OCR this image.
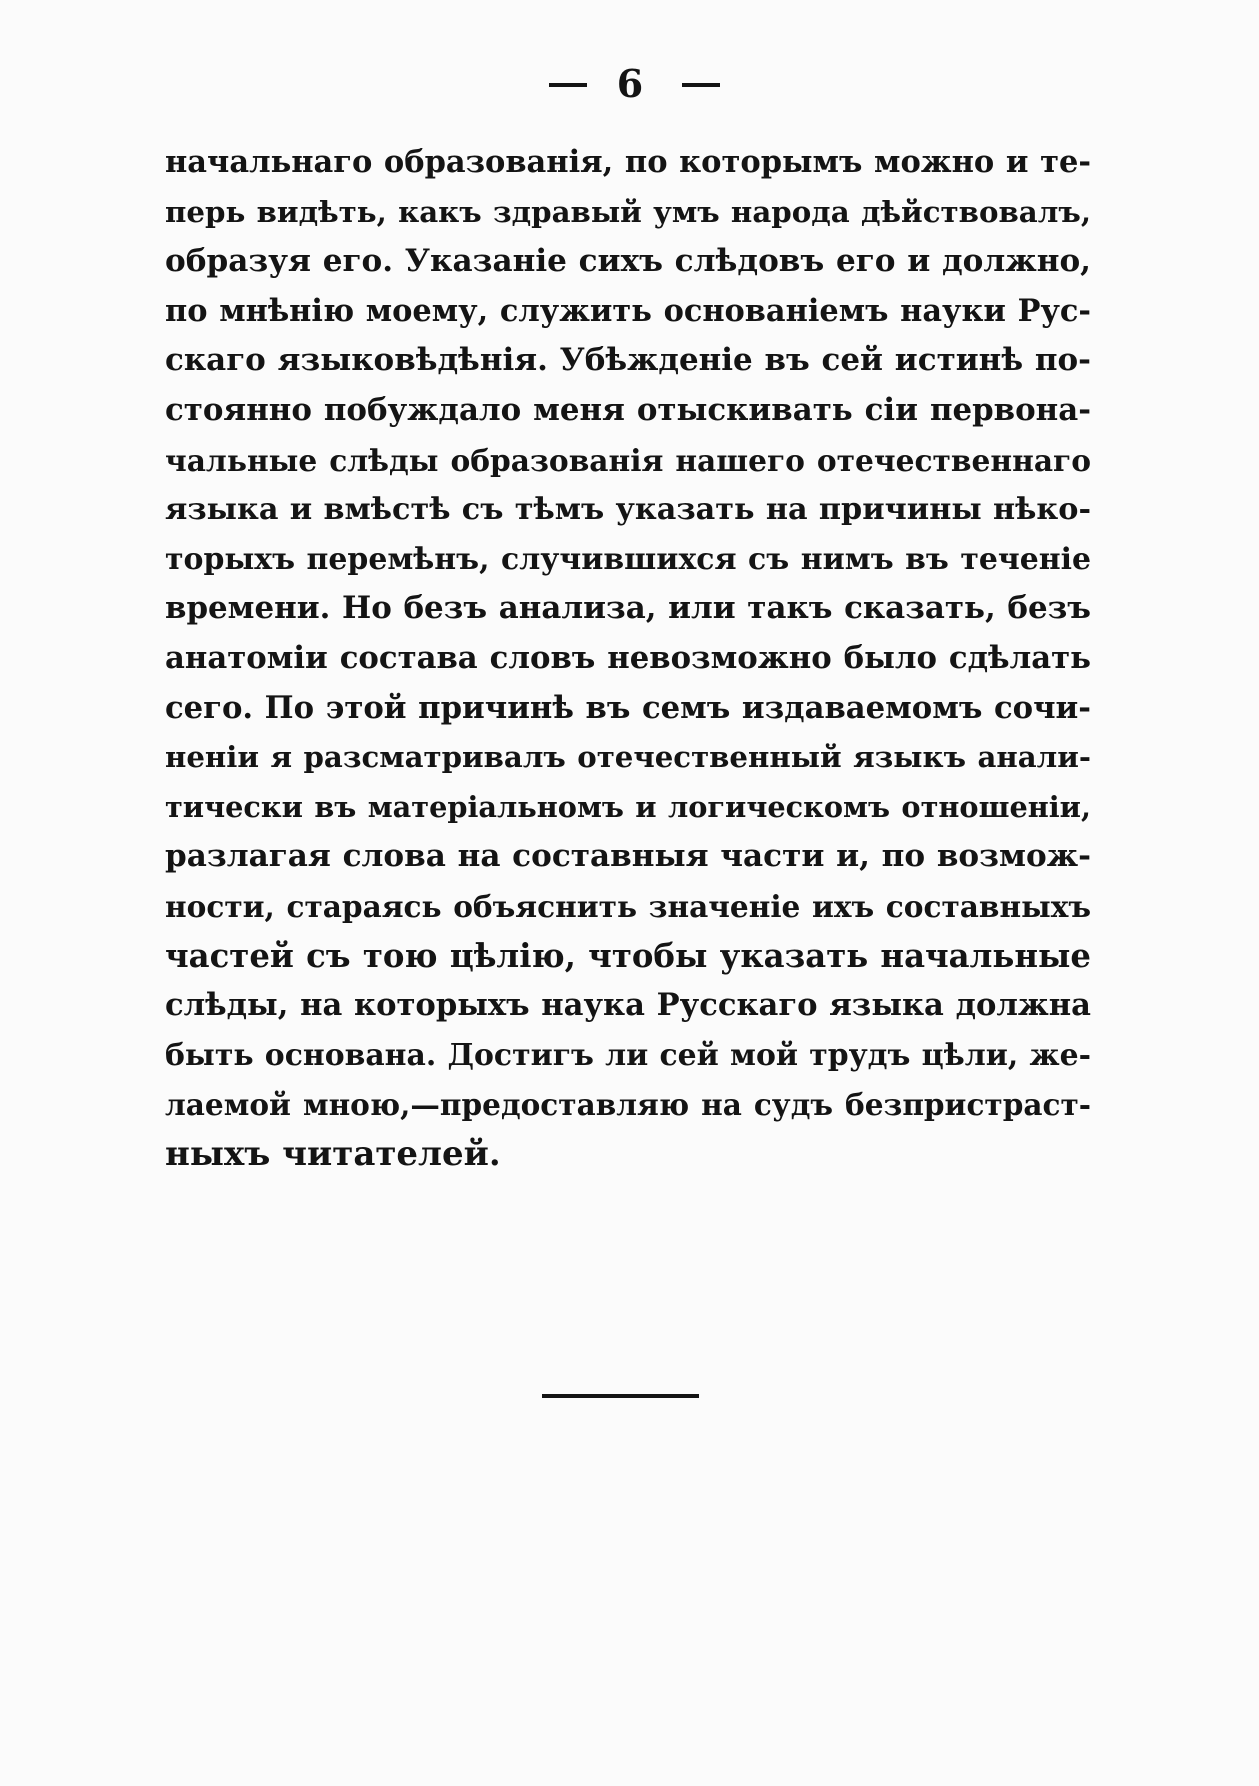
6
начальнаго образованія, по которымъ можно и те-
перь видѣть, какъ здравый умъ народа дѣйствовалъ,
образуя его. Указаніе сихъ слѣдовъ его и должно,
по мнѣнію моему, служить основаніемъ науки Рус-
скаго языковѣдѣнія. Убѣжденіе въ сей истинѣ по-
стоянно побуждало меня отыскивать сіи первона-
чальные слѣды образованія нашего отечественнаго
языка и вмѣстѣ съ тѣмъ указать на причины нѣко-
торыхъ перемѣнъ, случившихся съ нимъ въ теченіе
времени. Но безъ анализа, или такъ сказать, безъ
анатоміи состава словъ невозможно было сдѣлать
сего. По этой причинѣ въ семъ издаваемомъ сочи-
неніи я разсматривалъ отечественный языкъ анали-
тически въ матеріальномъ и логическомъ отношеніи,
разлагая слова на составныя части и, по возмож-
ности, стараясь объяснить значеніе ихъ составныхъ
частей съ тою цѣлію, чтобы указать начальные
слѣды, на которыхъ наука Русскаго языка должна
быть основана. Достигъ ли сей мой трудъ цѣли, же-
лаемой мною,—предоставляю на судъ безпристраст-
ныхъ читателей.
